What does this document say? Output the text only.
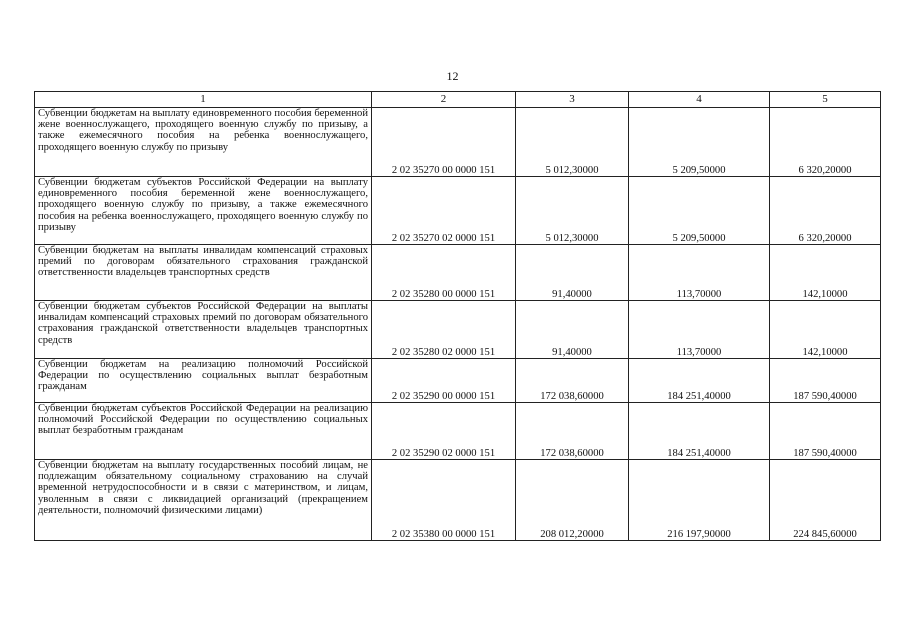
12
1	2	3	4	5
Субвенции бюджетам на выплату единовременного пособия беременной жене военнослужащего, проходящего военную службу по призыву, а также ежемесячного пособия на ребенка военнослужащего, проходящего военную службу по призыву	2 02 35270 00 0000 151	5 012,30000	5 209,50000	6 320,20000
Субвенции бюджетам субъектов Российской Федерации на выплату единовременного пособия беременной жене военнослужащего, проходящего военную службу по призыву, а также ежемесячного пособия на ребенка военнослужащего, проходящего военную службу по призыву	2 02 35270 02 0000 151	5 012,30000	5 209,50000	6 320,20000
Субвенции бюджетам на выплаты инвалидам компенсаций страховых премий по договорам обязательного страхования гражданской ответственности владельцев транспортных средств	2 02 35280 00 0000 151	91,40000	113,70000	142,10000
Субвенции бюджетам субъектов Российской Федерации на выплаты инвалидам компенсаций страховых премий по договорам обязательного страхования гражданской ответственности владельцев транспортных средств	2 02 35280 02 0000 151	91,40000	113,70000	142,10000
Субвенции бюджетам на реализацию полномочий Российской Федерации по осуществлению социальных выплат безработным гражданам	2 02 35290 00 0000 151	172 038,60000	184 251,40000	187 590,40000
Субвенции бюджетам субъектов Российской Федерации на реализацию полномочий Российской Федерации по осуществлению социальных выплат безработным гражданам	2 02 35290 02 0000 151	172 038,60000	184 251,40000	187 590,40000
Субвенции бюджетам на выплату государственных пособий лицам, не подлежащим обязательному социальному страхованию на случай временной нетрудоспособности и в связи с материнством, и лицам, уволенным в связи с ликвидацией организаций (прекращением деятельности, полномочий физическими лицами)	2 02 35380 00 0000 151	208 012,20000	216 197,90000	224 845,60000
